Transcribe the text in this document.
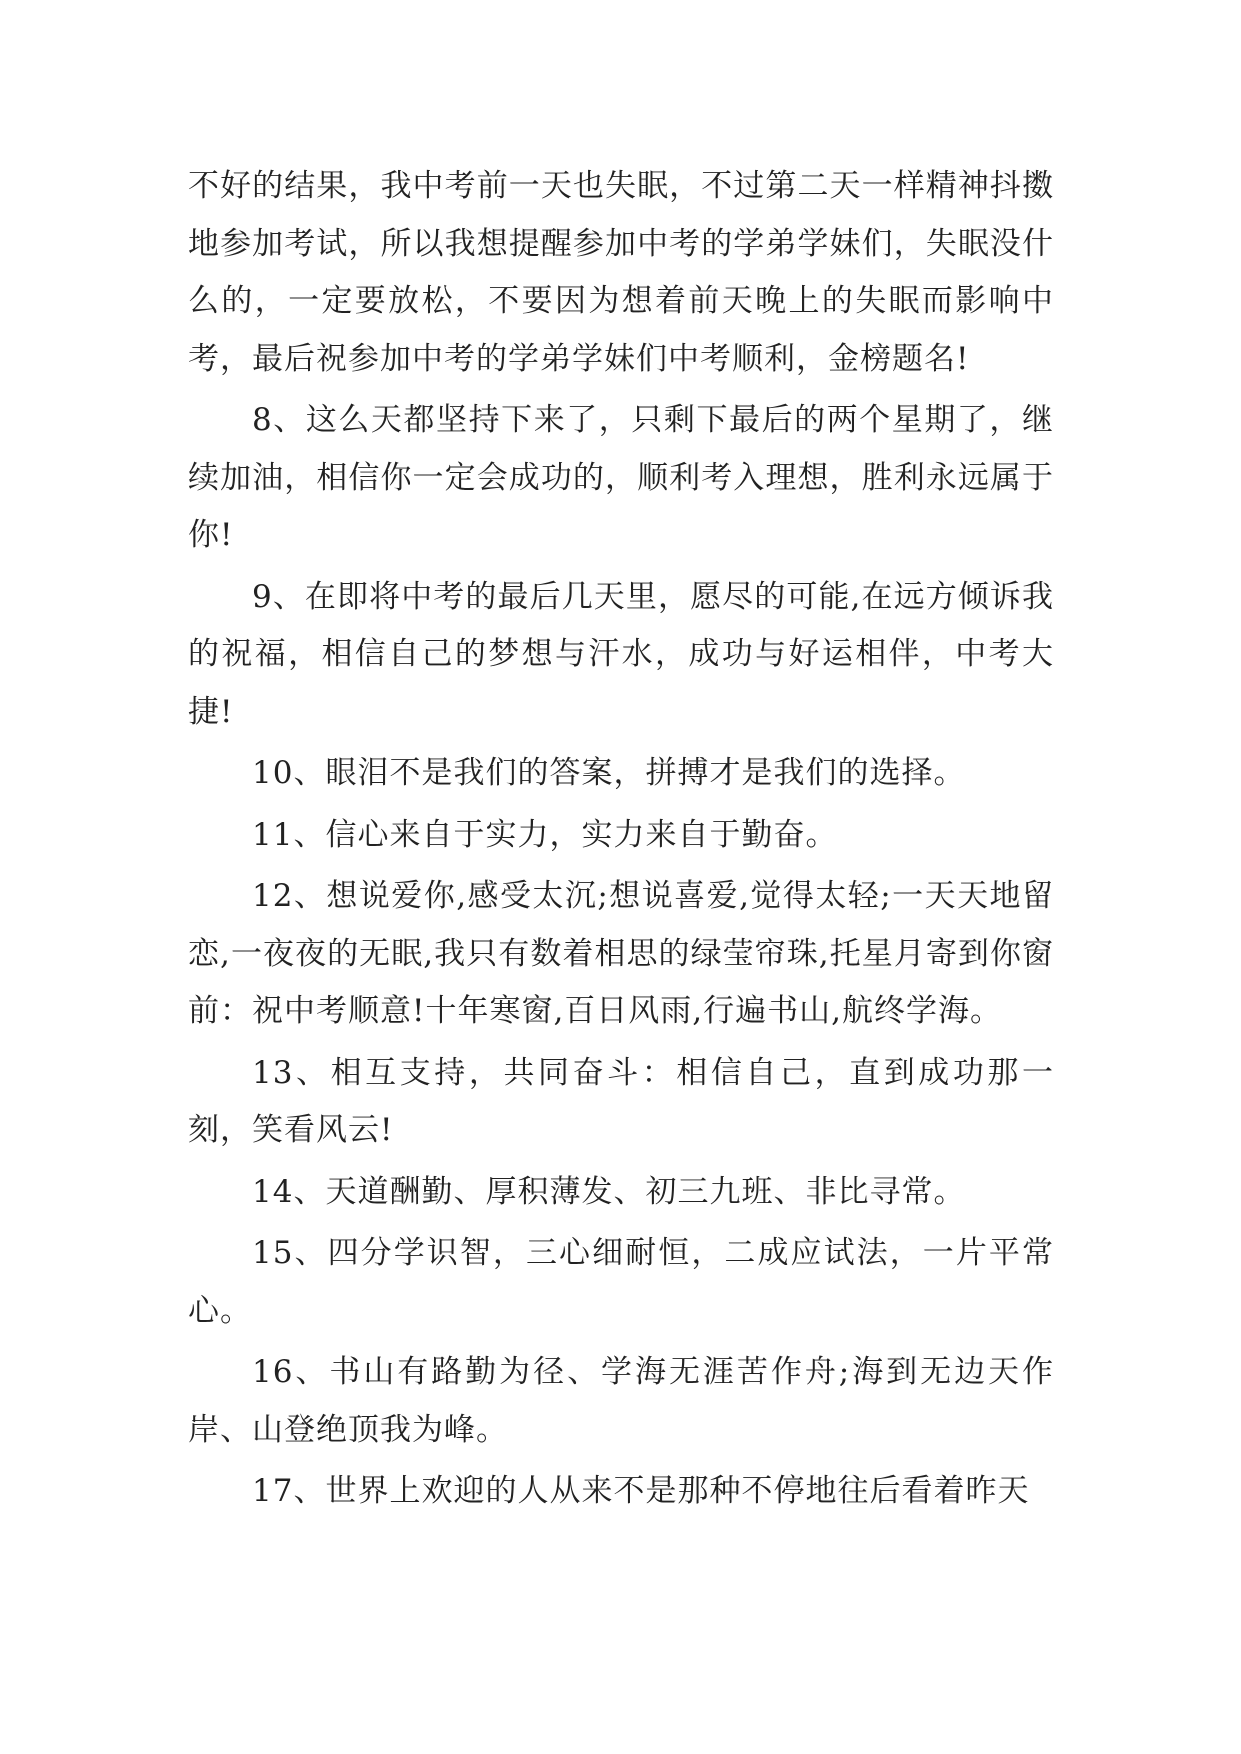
不好的结果，我中考前一天也失眠，不过第二天一样精神抖擞地参加考试，所以我想提醒参加中考的学弟学妹们，失眠没什么的，一定要放松，不要因为想着前天晚上的失眠而影响中考，最后祝参加中考的学弟学妹们中考顺利，金榜题名!

8、这么天都坚持下来了，只剩下最后的两个星期了，继续加油，相信你一定会成功的，顺利考入理想，胜利永远属于你!

9、在即将中考的最后几天里，愿尽的可能,在远方倾诉我的祝福，相信自己的梦想与汗水，成功与好运相伴，中考大捷!

10、眼泪不是我们的答案，拼搏才是我们的选择。

11、信心来自于实力，实力来自于勤奋。

12、想说爱你,感受太沉;想说喜爱,觉得太轻;一天天地留恋,一夜夜的无眠,我只有数着相思的绿莹帘珠,托星月寄到你窗前：祝中考顺意!十年寒窗,百日风雨,行遍书山,航终学海。

13、相互支持，共同奋斗：相信自己，直到成功那一刻，笑看风云!

14、天道酬勤、厚积薄发、初三九班、非比寻常。

15、四分学识智，三心细耐恒，二成应试法，一片平常心。

16、书山有路勤为径、学海无涯苦作舟;海到无边天作岸、山登绝顶我为峰。

17、世界上欢迎的人从来不是那种不停地往后看着昨天
